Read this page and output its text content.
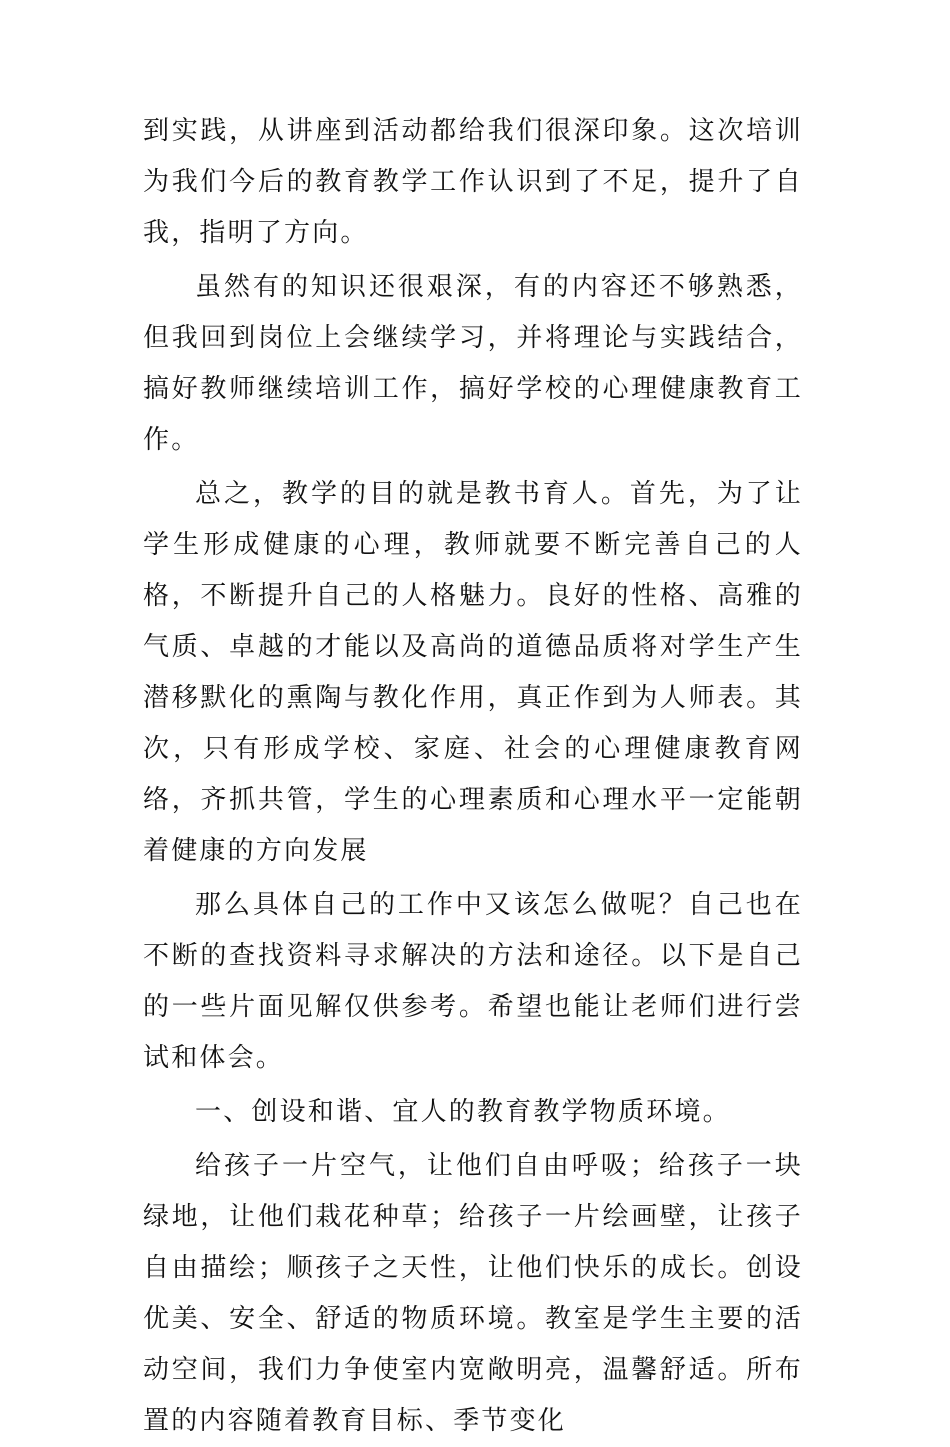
到实践，从讲座到活动都给我们很深印象。这次培训为我们今后的教育教学工作认识到了不足，提升了自我，指明了方向。

虽然有的知识还很艰深，有的内容还不够熟悉，但我回到岗位上会继续学习，并将理论与实践结合，搞好教师继续培训工作，搞好学校的心理健康教育工作。

总之，教学的目的就是教书育人。首先，为了让学生形成健康的心理，教师就要不断完善自己的人格，不断提升自己的人格魅力。良好的性格、高雅的气质、卓越的才能以及高尚的道德品质将对学生产生潜移默化的熏陶与教化作用，真正作到为人师表。其次，只有形成学校、家庭、社会的心理健康教育网络，齐抓共管，学生的心理素质和心理水平一定能朝着健康的方向发展

那么具体自己的工作中又该怎么做呢？自己也在不断的查找资料寻求解决的方法和途径。以下是自己的一些片面见解仅供参考。希望也能让老师们进行尝试和体会。

一、创设和谐、宜人的教育教学物质环境。

给孩子一片空气，让他们自由呼吸；给孩子一块绿地，让他们栽花种草；给孩子一片绘画壁，让孩子自由描绘；顺孩子之天性，让他们快乐的成长。创设优美、安全、舒适的物质环境。教室是学生主要的活动空间，我们力争使室内宽敞明亮，温馨舒适。所布置的内容随着教育目标、季节变化
